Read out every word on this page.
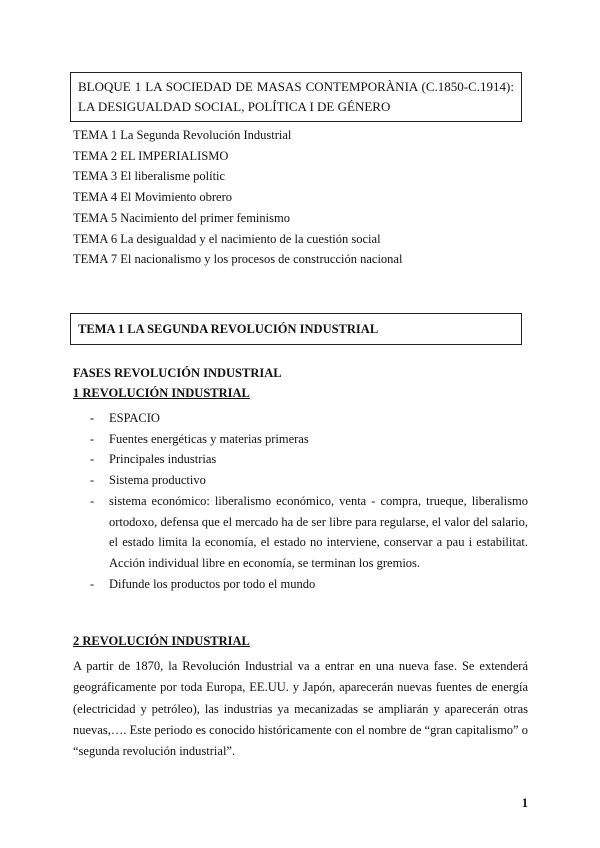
BLOQUE 1 LA SOCIEDAD DE MASAS CONTEMPORÀNIA (C.1850-C.1914): LA DESIGUALDAD SOCIAL, POLÍTICA I DE GÉNERO
TEMA 1 La Segunda Revolución Industrial
TEMA 2 EL IMPERIALISMO
TEMA 3 El liberalisme polític
TEMA 4 El Movimiento obrero
TEMA 5 Nacimiento del primer feminismo
TEMA 6 La desigualdad y el nacimiento de la cuestión social
TEMA 7 El nacionalismo y los procesos de construcción nacional
TEMA 1 LA SEGUNDA REVOLUCIÓN INDUSTRIAL
FASES REVOLUCIÓN INDUSTRIAL
1 REVOLUCIÓN INDUSTRIAL
- ESPACIO
- Fuentes energéticas y materias primeras
- Principales industrias
- Sistema productivo
- sistema económico: liberalismo económico, venta - compra, trueque, liberalismo ortodoxo, defensa que el mercado ha de ser libre para regularse, el valor del salario, el estado limita la economía, el estado no interviene, conservar a pau i estabilitat. Acción individual libre en economía, se terminan los gremios.
- Difunde los productos por todo el mundo
2 REVOLUCIÓN INDUSTRIAL
A partir de 1870, la Revolución Industrial va a entrar en una nueva fase. Se extenderá geográficamente por toda Europa, EE.UU. y Japón, aparecerán nuevas fuentes de energía (electricidad y petróleo), las industrias ya mecanizadas se ampliarán y aparecerán otras nuevas,…. Este periodo es conocido históricamente con el nombre de “gran capitalismo” o “segunda revolución industrial”.
1
